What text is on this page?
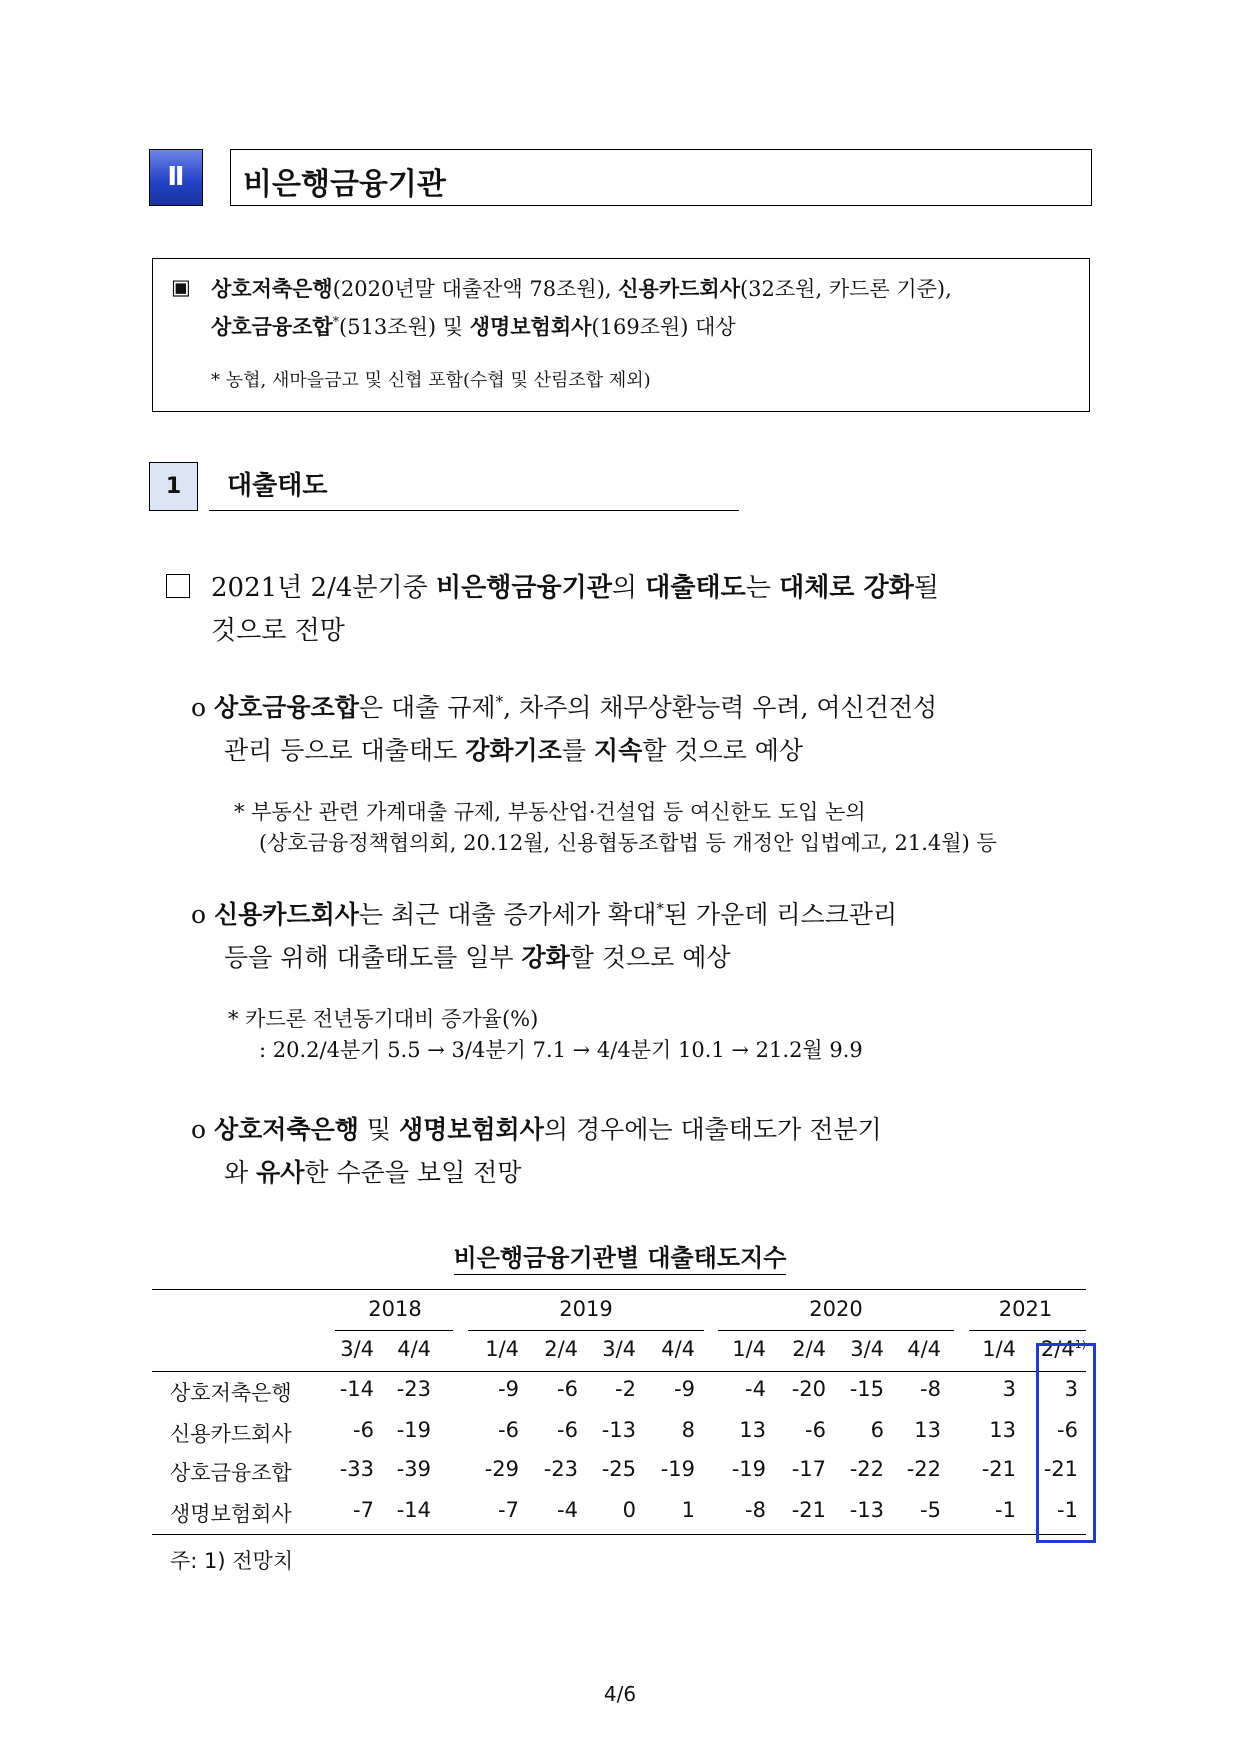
Ⅱ	비은행금융기관
▣ 상호저축은행(2020년말 대출잔액 78조원), 신용카드회사(32조원, 카드론 기준),
상호금융조합*(513조원) 및 생명보험회사(169조원) 대상
* 농협, 새마을금고 및 신협 포함(수협 및 산림조합 제외)
1	대출태도
2021년 2/4분기중 비은행금융기관의 대출태도는 대체로 강화될
것으로 전망
o 상호금융조합은 대출 규제*, 차주의 채무상환능력 우려, 여신건전성
관리 등으로 대출태도 강화기조를 지속할 것으로 예상
* 부동산 관련 가계대출 규제, 부동산업·건설업 등 여신한도 도입 논의
(상호금융정책협의회, 20.12월, 신용협동조합법 등 개정안 입법예고, 21.4월) 등
o 신용카드회사는 최근 대출 증가세가 확대*된 가운데 리스크관리
등을 위해 대출태도를 일부 강화할 것으로 예상
* 카드론 전년동기대비 증가율(%)
: 20.2/4분기 5.5 → 3/4분기 7.1 → 4/4분기 10.1 → 21.2월 9.9
o 상호저축은행 및 생명보험회사의 경우에는 대출태도가 전분기
와 유사한 수준을 보일 전망
비은행금융기관별 대출태도지수
2018	2019	2020	2021
3/4	4/4	1/4	2/4	3/4	4/4	1/4	2/4	3/4	4/4	1/4	2/4$^{1)}$
상호저축은행	-14	-23	-9	-6	-2	-9	-4	-20	-15	-8	3	3
신용카드회사	-6	-19	-6	-6	-13	8	13	-6	6	13	13	-6
상호금융조합	-33	-39	-29	-23	-25	-19	-19	-17	-22	-22	-21	-21
생명보험회사	-7	-14	-7	-4	0	1	-8	-21	-13	-5	-1	-1
주: 1) 전망치
4/6
